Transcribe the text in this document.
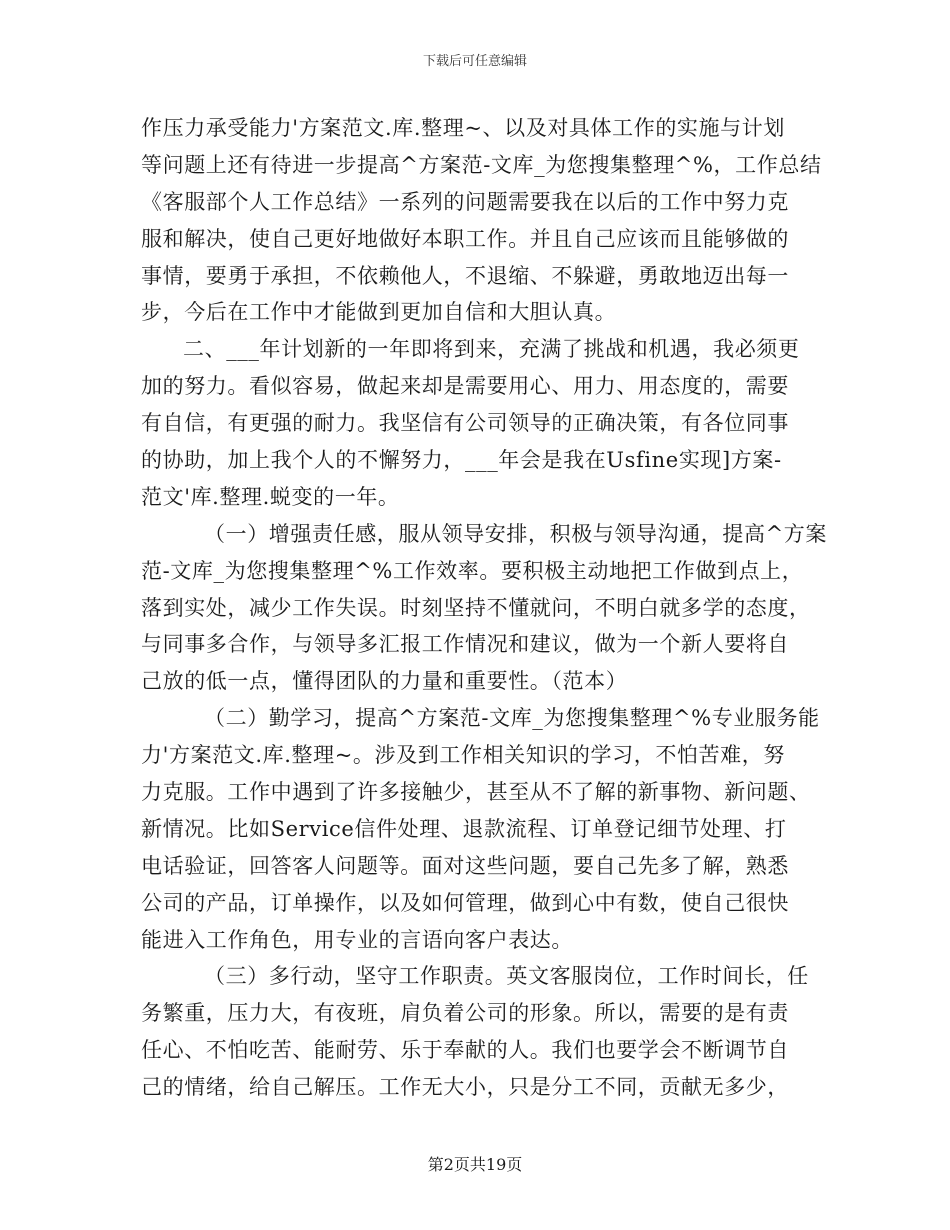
下载后可任意编辑
作压力承受能力'方案范文.库.整理~、以及对具体工作的实施与计划
等问题上还有待进一步提高^方案范-文库_为您搜集整理^%，工作总结
《客服部个人工作总结》一系列的问题需要我在以后的工作中努力克
服和解决，使自己更好地做好本职工作。并且自己应该而且能够做的
事情，要勇于承担，不依赖他人，不退缩、不躲避，勇敢地迈出每一
步，今后在工作中才能做到更加自信和大胆认真。
二、___年计划新的一年即将到来，充满了挑战和机遇，我必须更
加的努力。看似容易，做起来却是需要用心、用力、用态度的，需要
有自信，有更强的耐力。我坚信有公司领导的正确决策，有各位同事
的协助，加上我个人的不懈努力，___年会是我在Usfine实现]方案-
范文'库.整理.蜕变的一年。
（一）增强责任感，服从领导安排，积极与领导沟通，提高^方案
范-文库_为您搜集整理^%工作效率。要积极主动地把工作做到点上，
落到实处，减少工作失误。时刻坚持不懂就问，不明白就多学的态度，
与同事多合作，与领导多汇报工作情况和建议，做为一个新人要将自
己放的低一点，懂得团队的力量和重要性。（范本）
（二）勤学习，提高^方案范-文库_为您搜集整理^%专业服务能
力'方案范文.库.整理~。涉及到工作相关知识的学习，不怕苦难，努
力克服。工作中遇到了许多接触少，甚至从不了解的新事物、新问题、
新情况。比如Service信件处理、退款流程、订单登记细节处理、打
电话验证，回答客人问题等。面对这些问题，要自己先多了解，熟悉
公司的产品，订单操作，以及如何管理，做到心中有数，使自己很快
能进入工作角色，用专业的言语向客户表达。
（三）多行动，坚守工作职责。英文客服岗位，工作时间长，任
务繁重，压力大，有夜班，肩负着公司的形象。所以，需要的是有责
任心、不怕吃苦、能耐劳、乐于奉献的人。我们也要学会不断调节自
己的情绪，给自己解压。工作无大小，只是分工不同，贡献无多少，
第2页共19页
